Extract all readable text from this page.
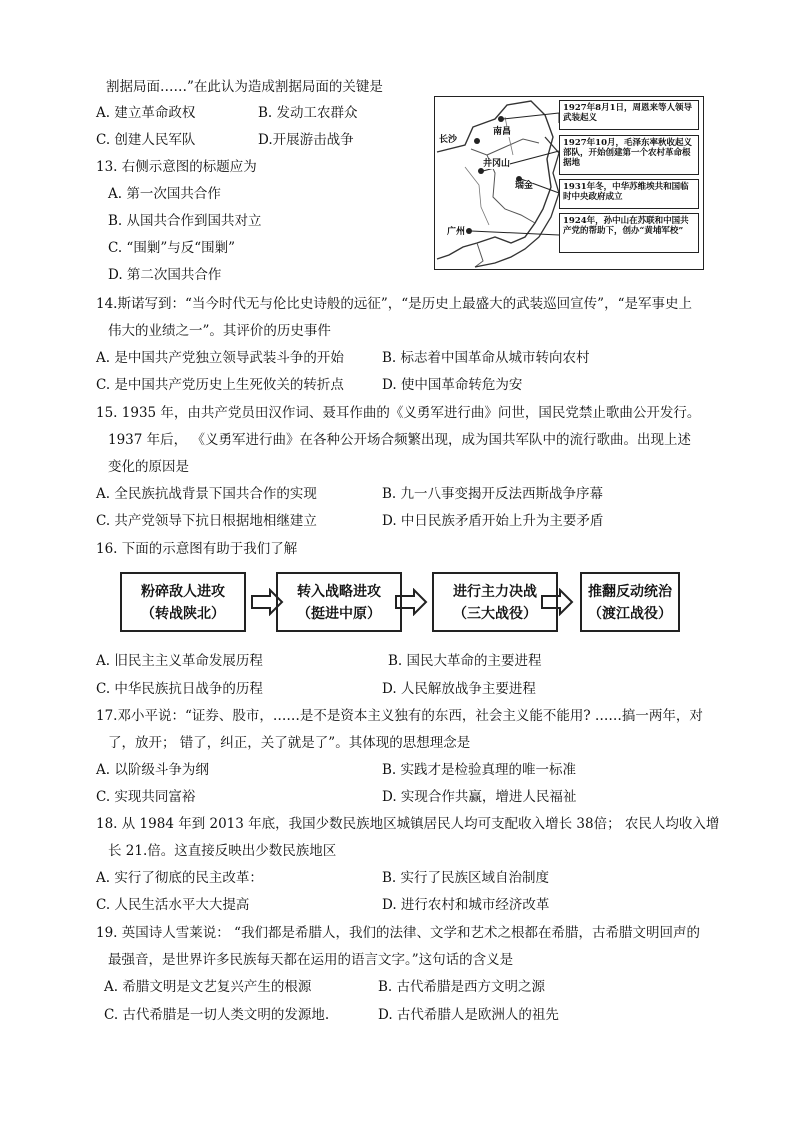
割据局面……”在此认为造成割据局面的关键是
A. 建立革命政权	B. 发动工农群众
C. 创建人民军队	D.开展游击战争	长沙
南昌
井冈山
瑞金
广州
1927年8月1日，周恩来等人领导武装起义
1927年10月，毛泽东率秋收起义部队，开始创建第一个农村革命根据地
1931年冬，中华苏维埃共和国临时中央政府成立
1924年，孙中山在苏联和中国共产党的帮助下，创办“黄埔军校”
13. 右侧示意图的标题应为
A. 第一次国共合作
B. 从国共合作到国共对立
C. “围剿”与反“围剿”
D. 第二次国共合作
14.斯诺写到：“当今时代无与伦比史诗般的远征”，“是历史上最盛大的武装巡回宣传”，“是军事史上
伟大的业绩之一”。其评价的历史事件
A. 是中国共产党独立领导武装斗争的开始	B. 标志着中国革命从城市转向农村
C. 是中国共产党历史上生死攸关的转折点	D. 使中国革命转危为安
15. 1935 年，由共产党员田汉作词、聂耳作曲的《义勇军进行曲》问世，国民党禁止歌曲公开发行。
1937 年后， 《义勇军进行曲》在各种公开场合频繁出现，成为国共军队中的流行歌曲。出现上述
变化的原因是
A. 全民族抗战背景下国共合作的实现	B. 九一八事变揭开反法西斯战争序幕
C. 共产党领导下抗日根据地相继建立	D. 中日民族矛盾开始上升为主要矛盾
16. 下面的示意图有助于我们了解
粉碎敌人进攻
（转战陕北）
转入战略进攻
（挺进中原）
进行主力决战
（三大战役）
推翻反动统治
（渡江战役）
A. 旧民主主义革命发展历程	B. 国民大革命的主要进程
C. 中华民族抗日战争的历程	D. 人民解放战争主要进程
17.邓小平说：“证券、股市，……是不是资本主义独有的东西，社会主义能不能用? ……搞一两年，对
了，放开； 错了，纠正，关了就是了”。其体现的思想理念是
A. 以阶级斗争为纲	B. 实践才是检验真理的唯一标准
C. 实现共同富裕	D. 实现合作共赢，增进人民福祉
18. 从 1984 年到 2013 年底，我国少数民族地区城镇居民人均可支配收入增长 38倍； 农民人均收入增
长 21.倍。这直接反映出少数民族地区
A. 实行了彻底的民主改革：	B. 实行了民族区域自治制度
C. 人民生活水平大大提高	D. 进行农村和城市经济改革
19. 英国诗人雪莱说： “我们都是希腊人，我们的法律、文学和艺术之根都在希腊，古希腊文明回声的
最强音，是世界许多民族每天都在运用的语言文字。”这句话的含义是
A. 希腊文明是文艺复兴产生的根源	B. 古代希腊是西方文明之源
C. 古代希腊是一切人类文明的发源地.	D. 古代希腊人是欧洲人的祖先
